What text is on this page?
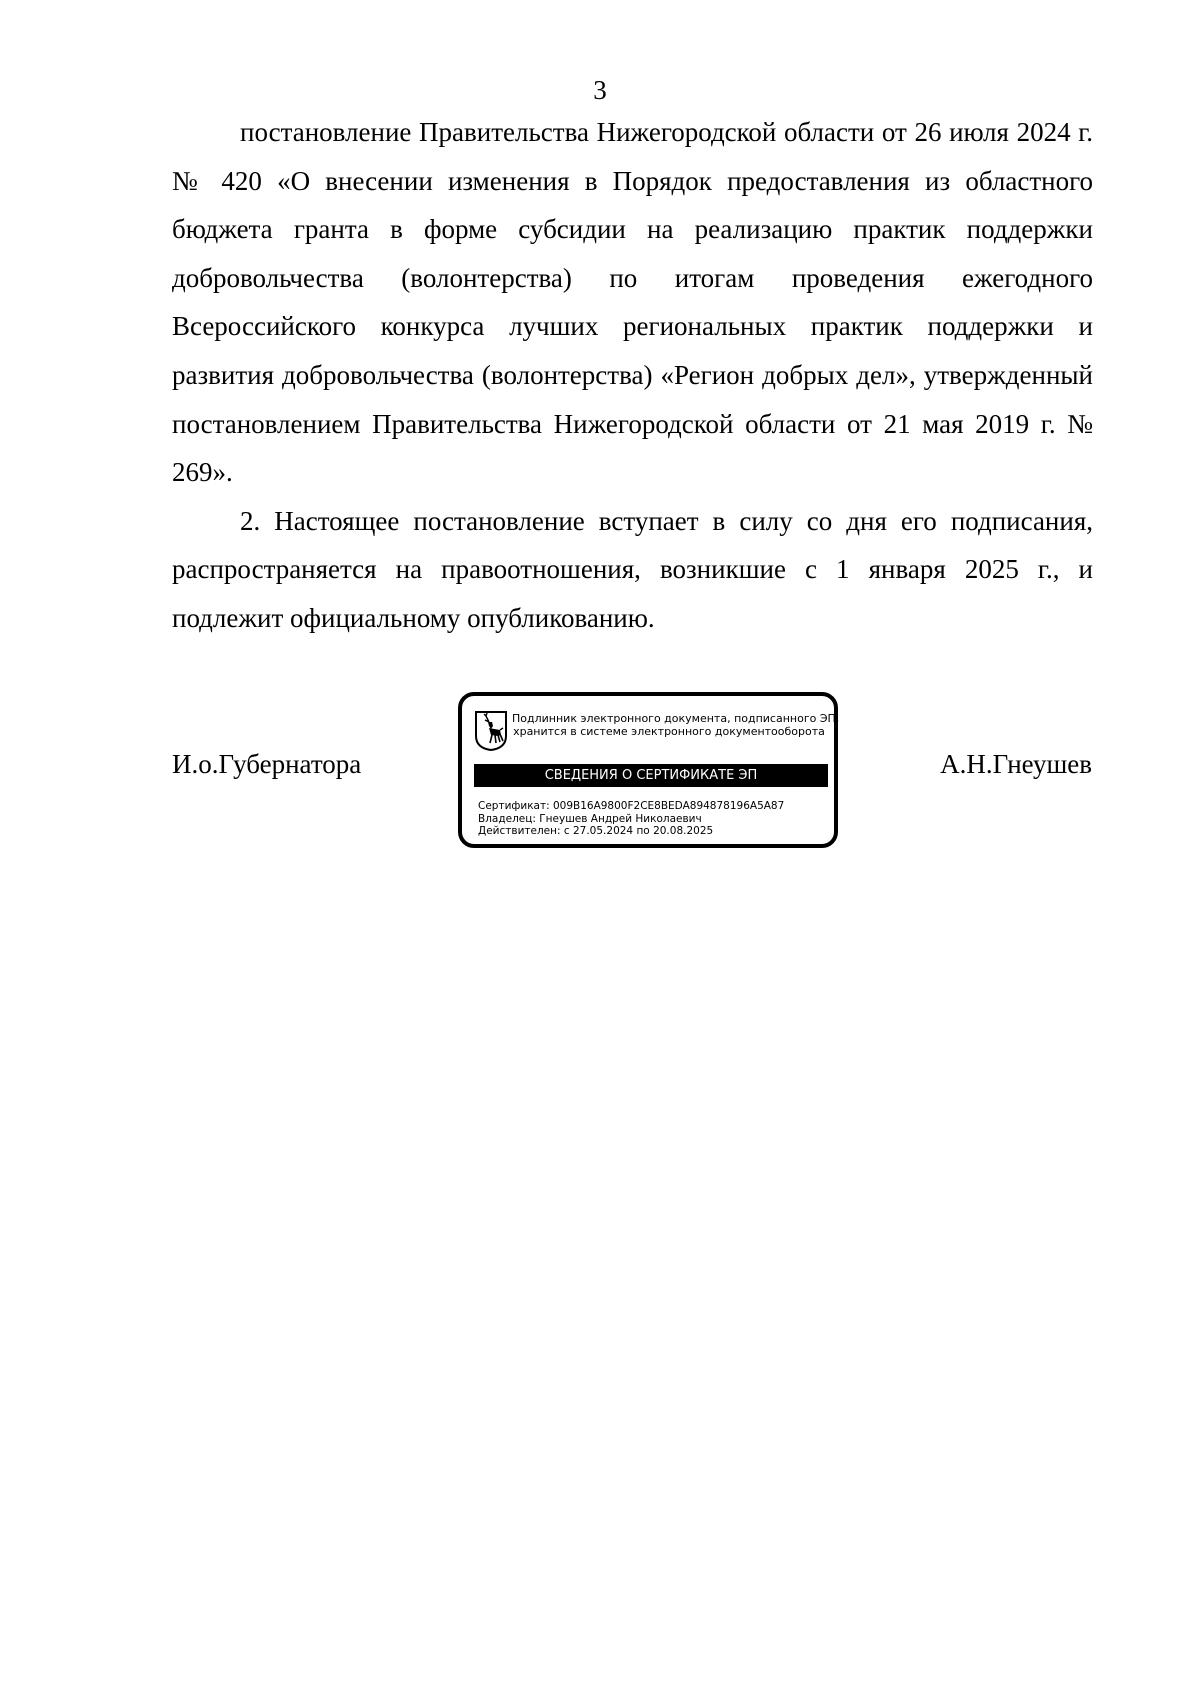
3

постановление Правительства Нижегородской области от 26 июля 2024 г. № 420 «О внесении изменения в Порядок предоставления из областного бюджета гранта в форме субсидии на реализацию практик поддержки добровольчества (волонтерства) по итогам проведения ежегодного Всероссийского конкурса лучших региональных практик поддержки и развития добровольчества (волонтерства) «Регион добрых дел», утвержденный постановлением Правительства Нижегородской области от 21 мая 2019 г. № 269».

2. Настоящее постановление вступает в силу со дня его подписания, распространяется на правоотношения, возникшие с 1 января 2025 г., и подлежит официальному опубликованию.

И.о.Губернатора
Подлинник электронного документа, подписанного ЭП,
хранится в системе электронного документооборота
СВЕДЕНИЯ О СЕРТИФИКАТЕ ЭП
Сертификат: 009B16A9800F2CE8BEDA894878196A5A87
Владелец: Гнеушев Андрей Николаевич
Действителен: с 27.05.2024 по 20.08.2025
А.Н.Гнеушев
